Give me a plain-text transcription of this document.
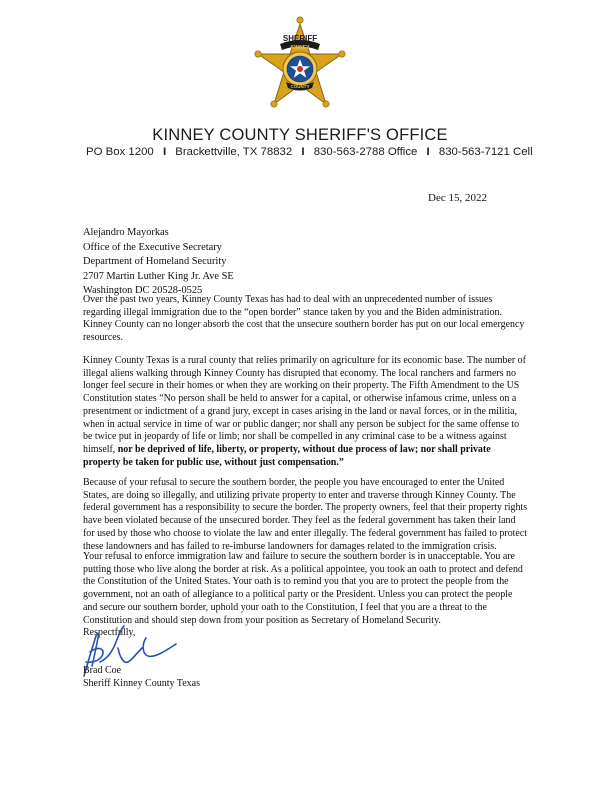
SHERIFF
KINNEY
COUNTY
KINNEY COUNTY SHERIFF'S OFFICE
PO Box 1200 I Brackettville, TX 78832 I 830-563-2788 Office I 830-563-7121 Cell
Dec 15, 2022
Alejandro Mayorkas
Office of the Executive Secretary
Department of Homeland Security
2707 Martin Luther King Jr. Ave SE
Washington DC 20528-0525
Over the past two years, Kinney County Texas has had to deal with an unprecedented number of issues regarding illegal immigration due to the “open border” stance taken by you and the Biden administration. Kinney County can no longer absorb the cost that the unsecure southern border has put on our local emergency resources.
Kinney County Texas is a rural county that relies primarily on agriculture for its economic base. The number of illegal aliens walking through Kinney County has disrupted that economy. The local ranchers and farmers no longer feel secure in their homes or when they are working on their property. The Fifth Amendment to the US Constitution states “No person shall be held to answer for a capital, or otherwise infamous crime, unless on a presentment or indictment of a grand jury, except in cases arising in the land or naval forces, or in the militia, when in actual service in time of war or public danger; nor shall any person be subject for the same offense to be twice put in jeopardy of life or limb; nor shall be compelled in any criminal case to be a witness against himself, nor be deprived of life, liberty, or property, without due process of law; nor shall private property be taken for public use, without just compensation.”
Because of your refusal to secure the southern border, the people you have encouraged to enter the United States, are doing so illegally, and utilizing private property to enter and traverse through Kinney County. The federal government has a responsibility to secure the border. The property owners, feel that their property rights have been violated because of the unsecured border. They feel as the federal government has taken their land for used by those who choose to violate the law and enter illegally. The federal government has failed to protect these landowners and has failed to re-imburse landowners for damages related to the immigration crisis.
Your refusal to enforce immigration law and failure to secure the southern border is in unacceptable. You are putting those who live along the border at risk. As a political appointee, you took an oath to protect and defend the Constitution of the United States. Your oath is to remind you that you are to protect the people from the government, not an oath of allegiance to a political party or the President. Unless you can protect the people and secure our southern border, uphold your oath to the Constitution, I feel that you are a threat to the Constitution and should step down from your position as Secretary of Homeland Security.
Respectfully,
Brad Coe
Sheriff Kinney County Texas
